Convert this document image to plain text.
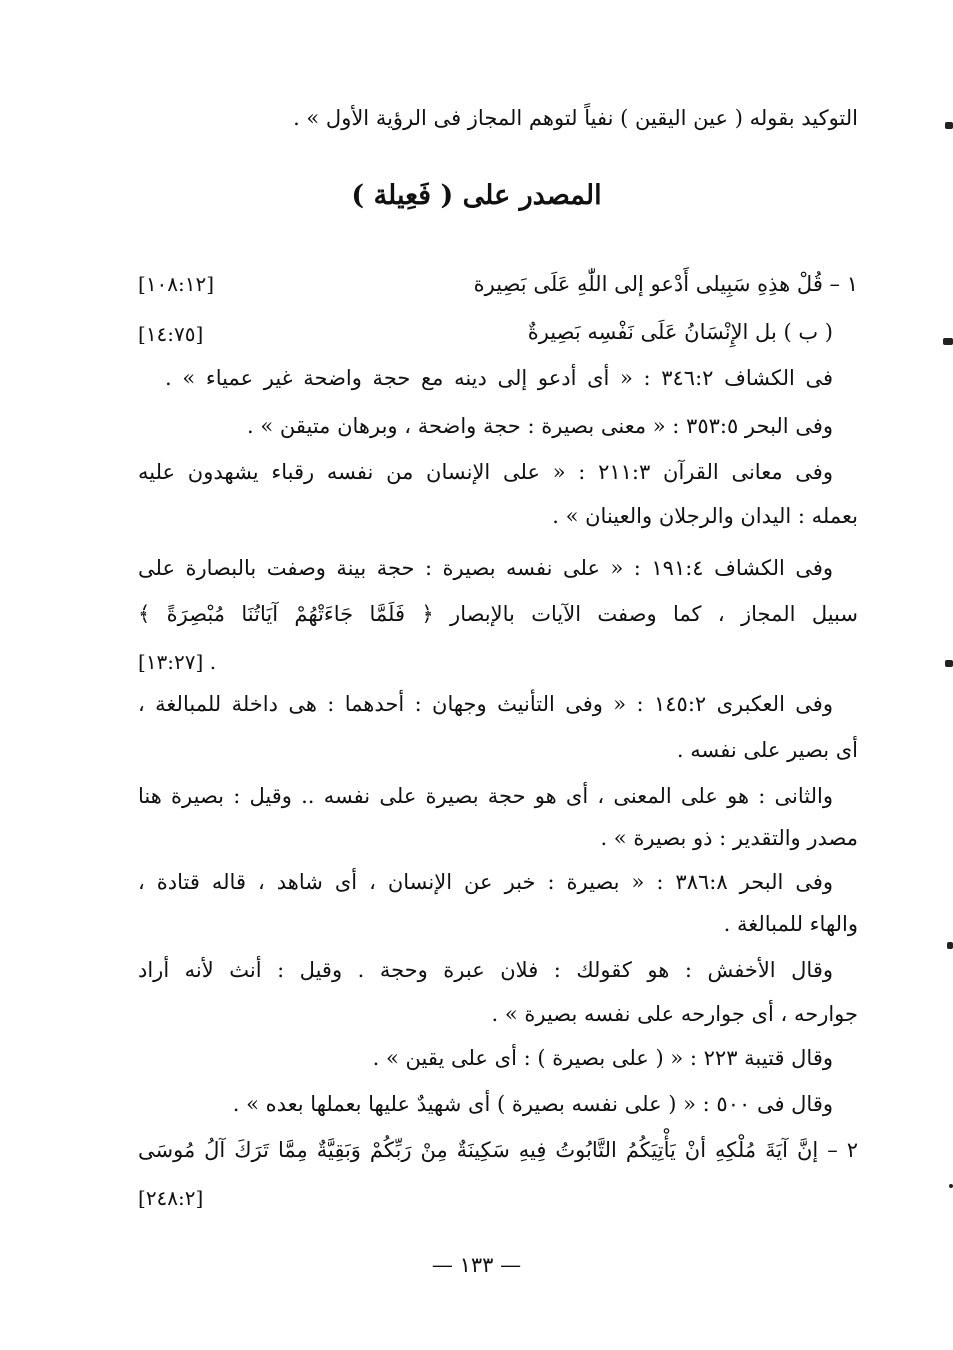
التوكيد بقوله ( عين اليقين ) نفياً لتوهم المجاز فى الرؤية الأول » .
المصدر على ( فَعِيلة )
١ – قُلْ هذِهِ سَبِيلى أَدْعو إلى اللّٰهِ عَلَى بَصِيرة
[١٠٨:١٢]
( ب ) بل الإِنْسَانُ عَلَى نَفْسِه بَصِيرةٌ
[١٤:٧٥]
فى الكشاف ٣٤٦:٢ : « أى أدعو إلى دينه مع حجة واضحة غير عمياء » .
وفى البحر ٣٥٣:٥ : « معنى بصيرة : حجة واضحة ، وبرهان متيقن » .
وفى معانى القرآن ٢١١:٣ : « على الإنسان من نفسه رقباء يشهدون عليه
بعمله : اليدان والرجلان والعينان » .
وفى الكشاف ١٩١:٤ : « على نفسه بصيرة : حجة بينة وصفت بالبصارة على
سبيل المجاز ، كما وصفت الآيات بالإبصار ﴿ فَلَمَّا جَاءَتْهُمْ آيَاتُنَا مُبْصِرَةً ﴾
. [١٣:٢٧]
وفى العكبرى ١٤٥:٢ : « وفى التأنيث وجهان : أحدهما : هى داخلة للمبالغة ،
أى بصير على نفسه .
والثانى : هو على المعنى ، أى هو حجة بصيرة على نفسه .. وقيل : بصيرة هنا
مصدر والتقدير : ذو بصيرة » .
وفى البحر ٣٨٦:٨ : « بصيرة : خبر عن الإنسان ، أى شاهد ، قاله قتادة ،
والهاء للمبالغة .
وقال الأخفش : هو كقولك : فلان عبرة وحجة . وقيل : أنث لأنه أراد
جوارحه ، أى جوارحه على نفسه بصيرة » .
وقال قتيبة ٢٢٣ : « ( على بصيرة ) : أى على يقين » .
وقال فى ٥٠٠ : « ( على نفسه بصيرة ) أى شهيدٌ عليها بعملها بعده » .
٢ – إنَّ آيَةَ مُلْكِهِ أنْ يَأْتِيَكُمُ التَّابُوتُ فِيهِ سَكِينَةٌ مِنْ رَبِّكُمْ وَبَقِيَّةٌ مِمَّا تَرَكَ آلُ مُوسَى
[٢٤٨:٢]
— ١٣٣ —
